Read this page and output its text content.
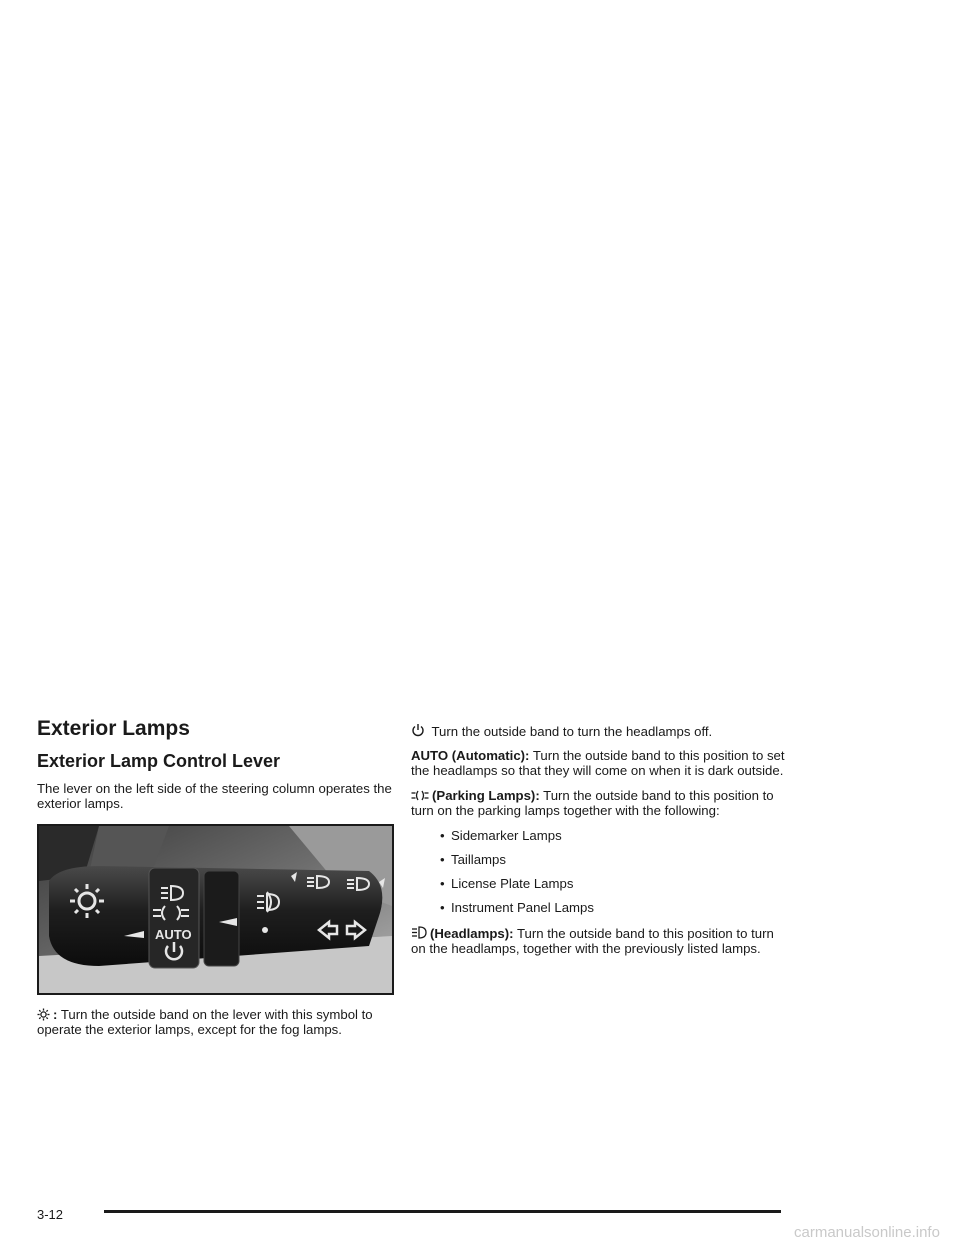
Exterior Lamps
Exterior Lamp Control Lever

The lever on the left side of the steering column operates the exterior lamps.

AUTO

: Turn the outside band on the lever with this symbol to operate the exterior lamps, except for the fog lamps.

Turn the outside band to turn the headlamps off.

AUTO (Automatic): Turn the outside band to this position to set the headlamps so that they will come on when it is dark outside.

(Parking Lamps): Turn the outside band to this position to turn on the parking lamps together with the following:

• Sidemarker Lamps
• Taillamps
• License Plate Lamps
• Instrument Panel Lamps

(Headlamps): Turn the outside band to this position to turn on the headlamps, together with the previously listed lamps.

3-12
carmanualsonline.info
